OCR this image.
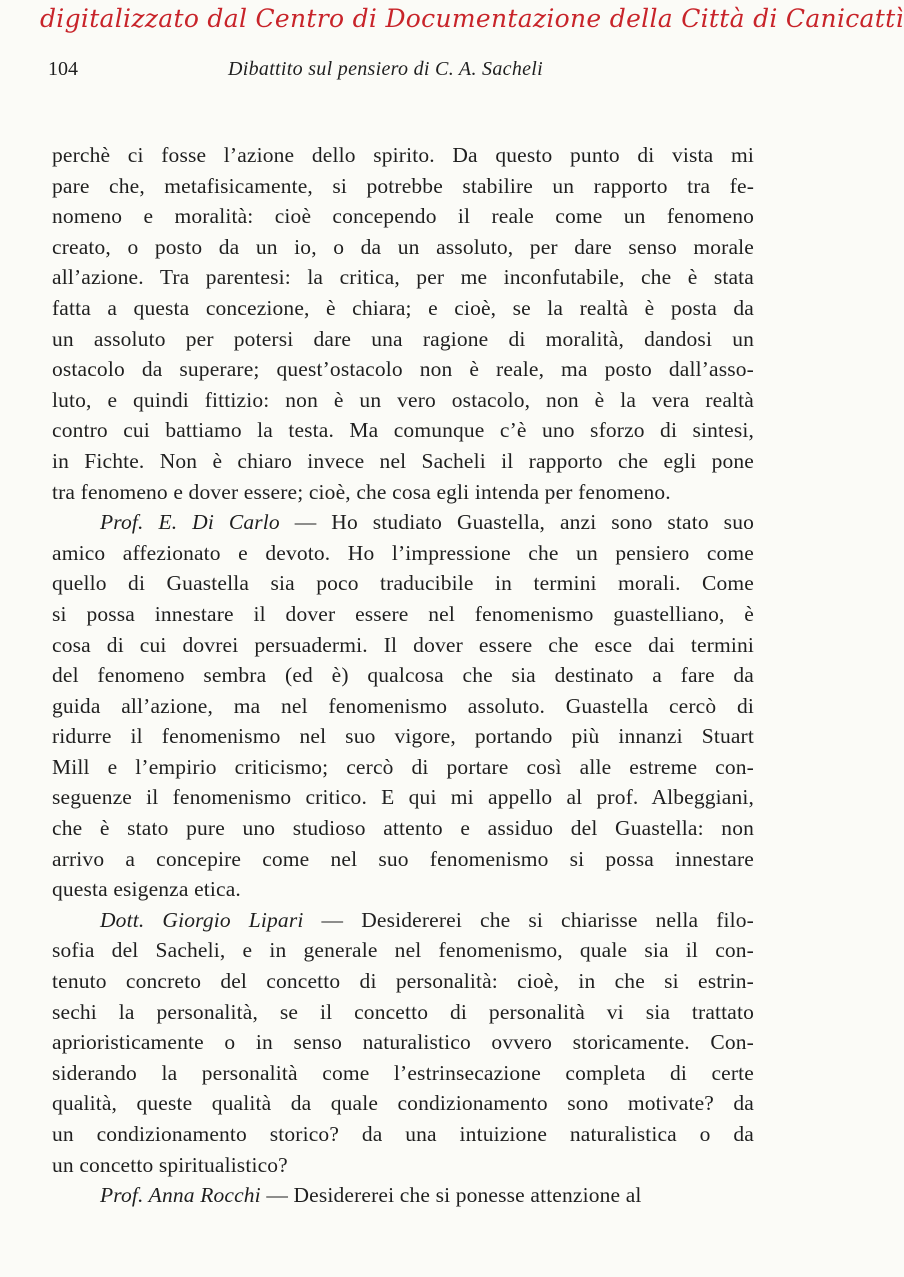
digitalizzato dal Centro di Documentazione della Città di Canicattì
104	Dibattito sul pensiero di C. A. Sacheli
perchè ci fosse l’azione dello spirito. Da questo punto di vista mi
pare che, metafisicamente, si potrebbe stabilire un rapporto tra fe-
nomeno e moralità: cioè concependo il reale come un fenomeno
creato, o posto da un io, o da un assoluto, per dare senso morale
all’azione. Tra parentesi: la critica, per me inconfutabile, che è stata
fatta a questa concezione, è chiara; e cioè, se la realtà è posta da
un assoluto per potersi dare una ragione di moralità, dandosi un
ostacolo da superare; quest’ostacolo non è reale, ma posto dall’asso-
luto, e quindi fittizio: non è un vero ostacolo, non è la vera realtà
contro cui battiamo la testa. Ma comunque c’è uno sforzo di sintesi,
in Fichte. Non è chiaro invece nel Sacheli il rapporto che egli pone
tra fenomeno e dover essere; cioè, che cosa egli intenda per fenomeno.
Prof. E. Di Carlo — Ho studiato Guastella, anzi sono stato suo
amico affezionato e devoto. Ho l’impressione che un pensiero come
quello di Guastella sia poco traducibile in termini morali. Come
si possa innestare il dover essere nel fenomenismo guastelliano, è
cosa di cui dovrei persuadermi. Il dover essere che esce dai termini
del fenomeno sembra (ed è) qualcosa che sia destinato a fare da
guida all’azione, ma nel fenomenismo assoluto. Guastella cercò di
ridurre il fenomenismo nel suo vigore, portando più innanzi Stuart
Mill e l’empirio criticismo; cercò di portare così alle estreme con-
seguenze il fenomenismo critico. E qui mi appello al prof. Albeggiani,
che è stato pure uno studioso attento e assiduo del Guastella: non
arrivo a concepire come nel suo fenomenismo si possa innestare
questa esigenza etica.
Dott. Giorgio Lipari — Desidererei che si chiarisse nella filo-
sofia del Sacheli, e in generale nel fenomenismo, quale sia il con-
tenuto concreto del concetto di personalità: cioè, in che si estrin-
sechi la personalità, se il concetto di personalità vi sia trattato
aprioristicamente o in senso naturalistico ovvero storicamente. Con-
siderando la personalità come l’estrinsecazione completa di certe
qualità, queste qualità da quale condizionamento sono motivate? da
un condizionamento storico? da una intuizione naturalistica o da
un concetto spiritualistico?
Prof. Anna Rocchi — Desidererei che si ponesse attenzione al
